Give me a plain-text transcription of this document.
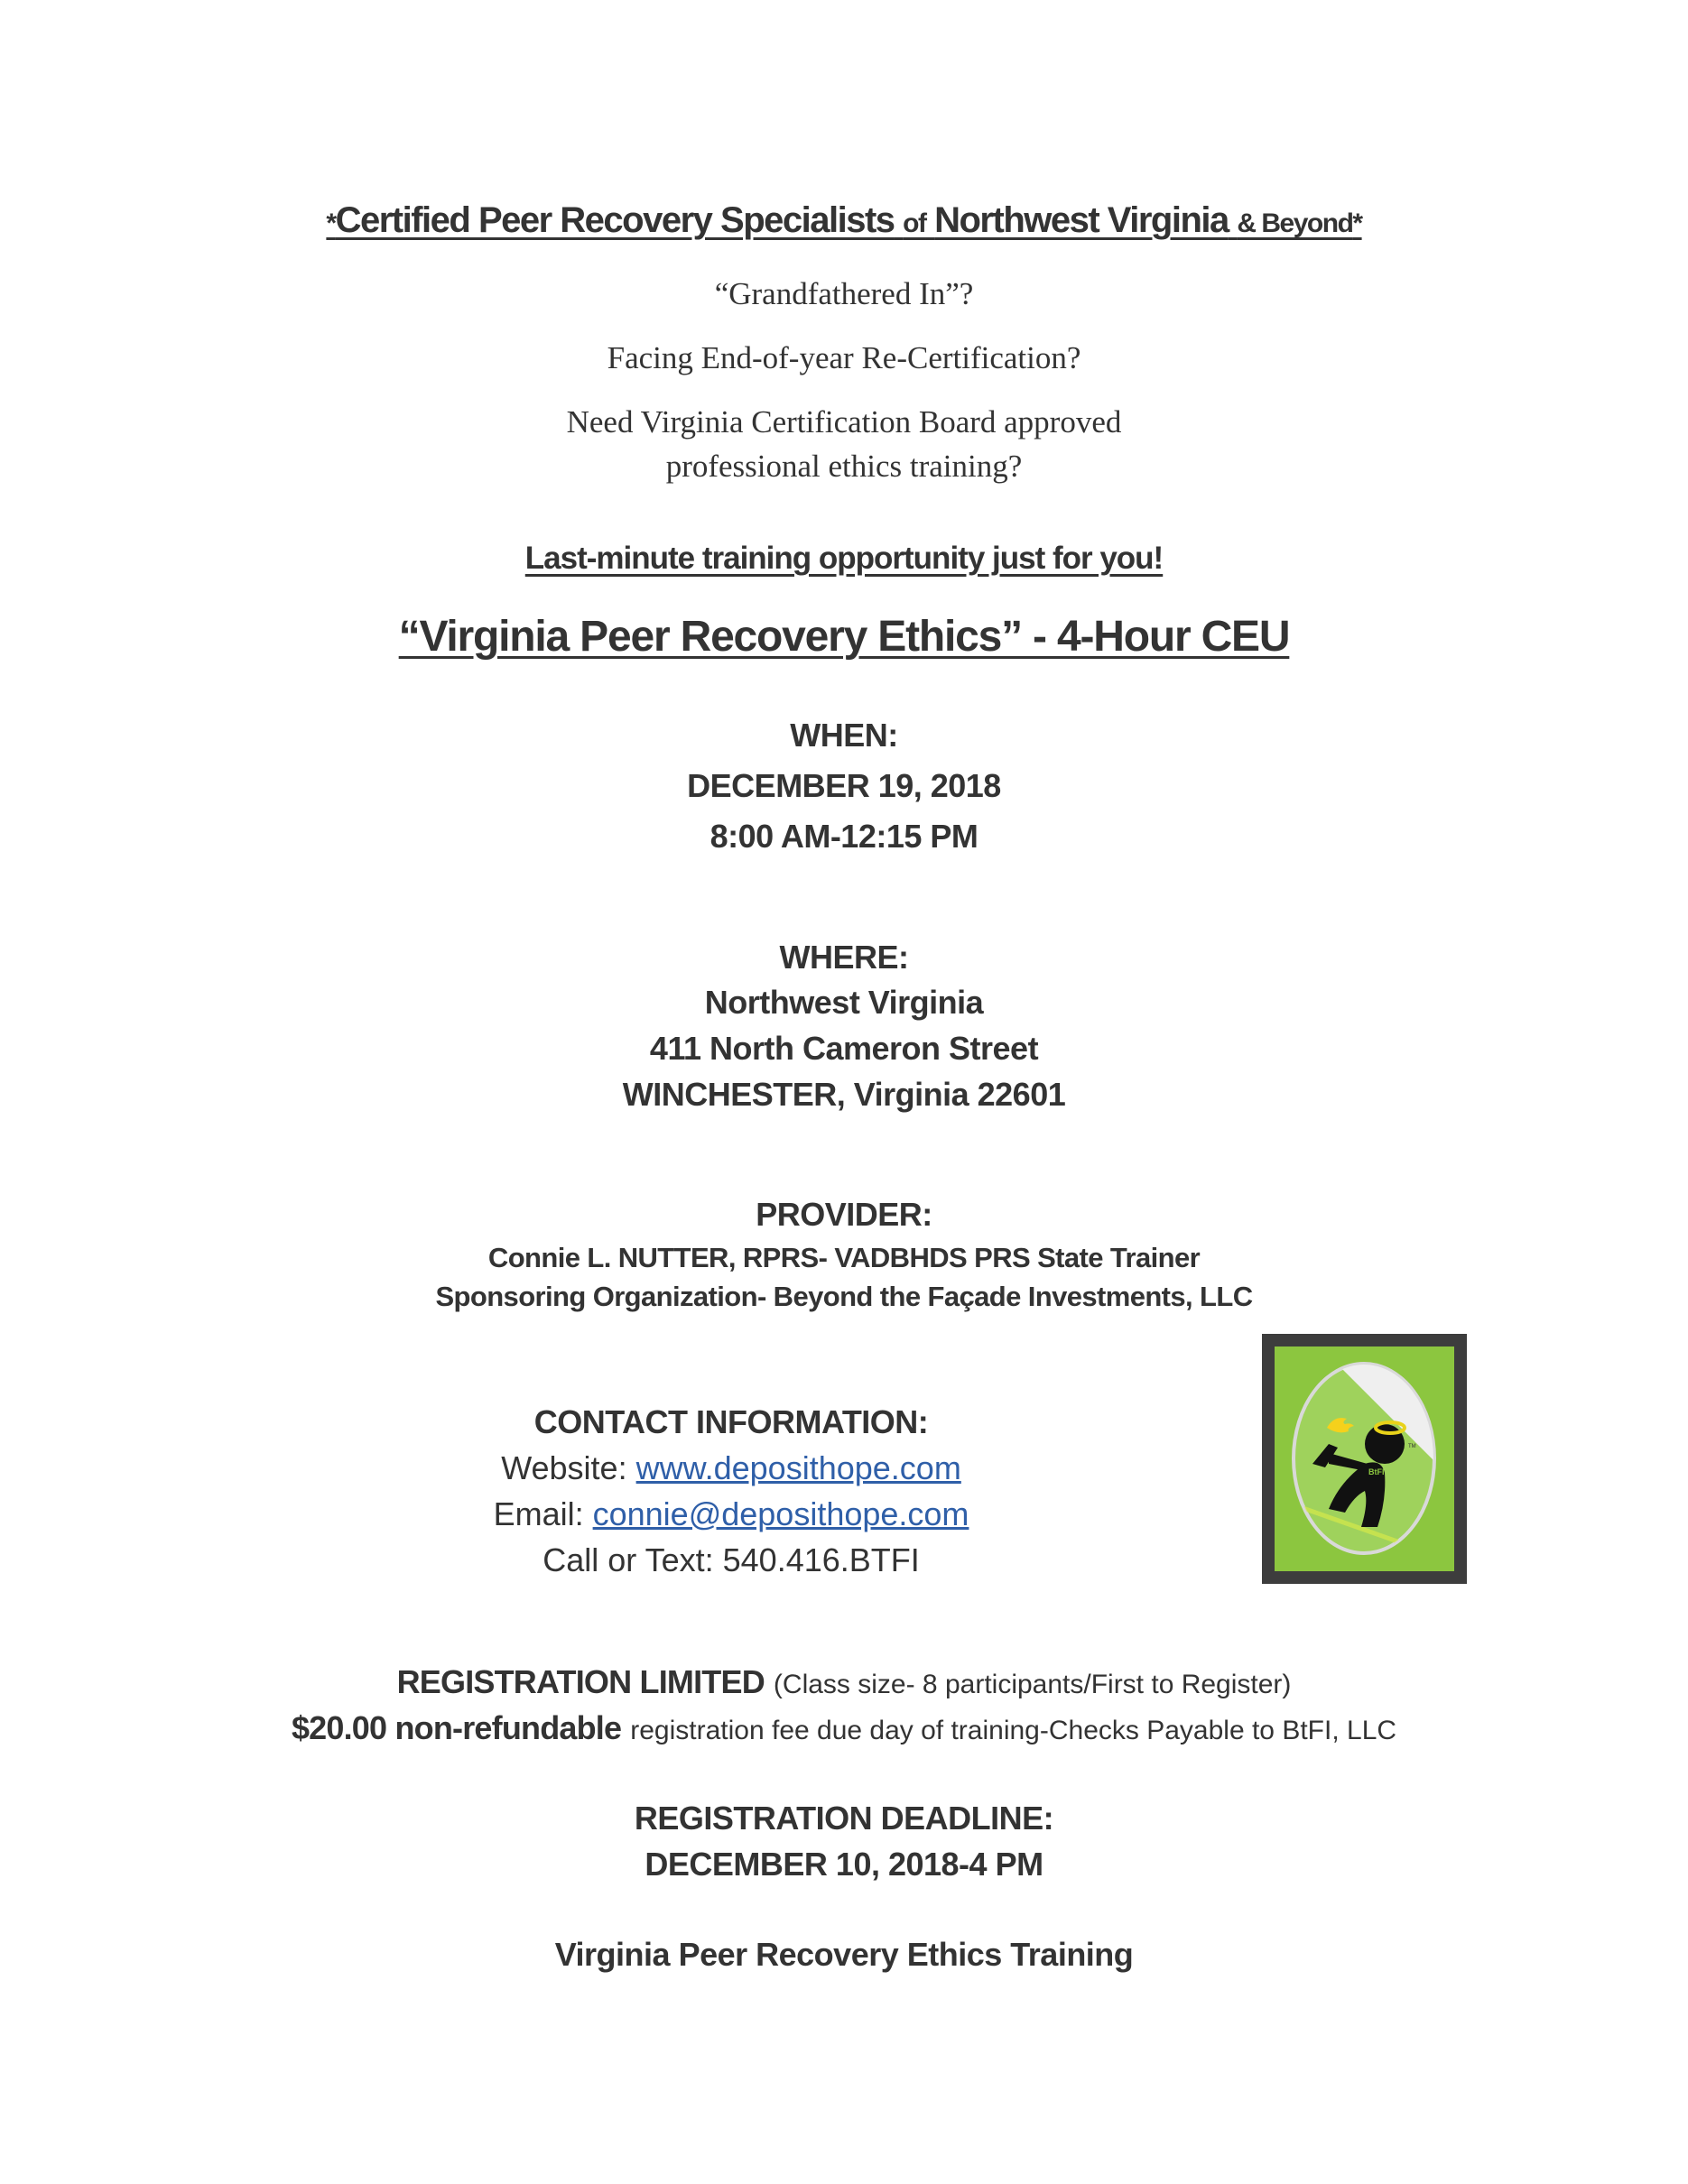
*Certified Peer Recovery Specialists of Northwest Virginia & Beyond*
“Grandfathered In”?
Facing End-of-year Re-Certification?
Need Virginia Certification Board approved
professional ethics training?
Last-minute training opportunity just for you!
“Virginia Peer Recovery Ethics” - 4-Hour CEU
WHEN:
DECEMBER 19, 2018
8:00 AM-12:15 PM
WHERE:
Northwest Virginia
411 North Cameron Street
WINCHESTER, Virginia 22601
PROVIDER:
Connie L. NUTTER, RPRS- VADBHDS PRS State Trainer
Sponsoring Organization- Beyond the Façade Investments, LLC
CONTACT INFORMATION:
Website: www.deposithope.com
Email: connie@deposithope.com
Call or Text: 540.416.BTFI
BtFI
TM
REGISTRATION LIMITED (Class size- 8 participants/First to Register)
$20.00 non-refundable registration fee due day of training-Checks Payable to BtFI, LLC
REGISTRATION DEADLINE:
DECEMBER 10, 2018-4 PM
Virginia Peer Recovery Ethics Training
